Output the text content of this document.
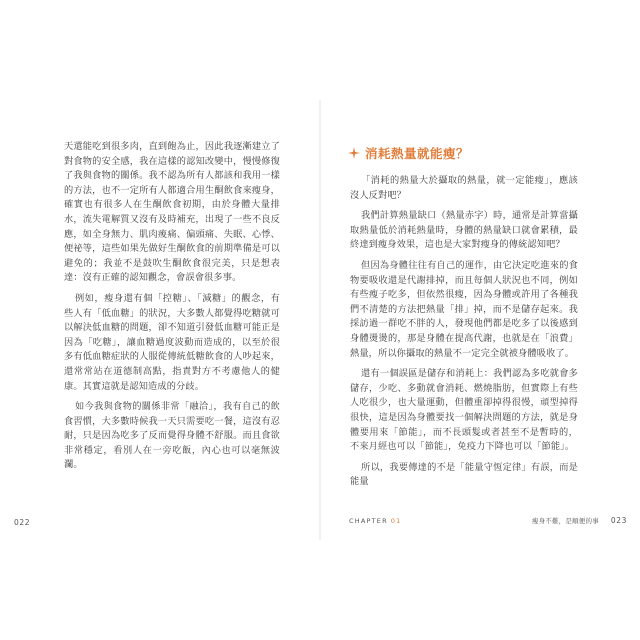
天還能吃到很多肉，直到飽為止，因此我逐漸建立了對食物的安全感，我在這樣的認知改變中，慢慢修復了我與食物的關係。我不認為所有人都該和我用一樣的方法，也不一定所有人都適合用生酮飲食來瘦身，確實也有很多人在生酮飲食初期，由於身體大量排水，流失電解質又沒有及時補充，出現了一些不良反應，如全身無力、肌肉痠痛、偏頭痛、失眠、心悸、便祕等，這些如果先做好生酮飲食的前期準備是可以避免的；我並不是鼓吹生酮飲食很完美，只是想表達：沒有正確的認知觀念，會誤會很多事。

例如，瘦身還有個「控糖」、「減糖」的觀念，有些人有「低血糖」的狀況，大多數人都覺得吃糖就可以解決低血糖的問題，卻不知道引發低血糖可能正是因為「吃糖」，讓血糖過度波動而造成的，以至於很多有低血糖症狀的人服從傳統低糖飲食的人吵起來，還常常站在道德制高點，指責對方不考慮他人的健康。其實這就是認知造成的分歧。

如今我與食物的關係非常「融洽」，我有自己的飲食習慣，大多數時候我一天只需要吃一餐，這沒有忍耐，只是因為吃多了反而覺得身體不舒服。而且食欲非常穩定，看別人在一旁吃飯，內心也可以毫無波瀾。

消耗熱量就能瘦？

「消耗的熱量大於攝取的熱量，就一定能瘦」，應該沒人反對吧？

我們計算熱量缺口（熱量赤字）時，通常是計算當攝取熱量低於消耗熱量時，身體的熱量缺口就會累積，最終達到瘦身效果，這也是大家對瘦身的傳統認知吧？

但因為身體往往有自己的運作，由它決定吃進來的食物要吸收還是代謝排掉，而且每個人狀況也不同，例如有些瘦子吃多，但依然很瘦，因為身體或許用了各種我們不清楚的方法把熱量「排」掉，而不是儲存起來。我採訪過一群吃不胖的人，發現他們都是吃多了以後感到身體燙燙的，那是身體在提高代謝，也就是在「浪費」熱量，所以你攝取的熱量不一定完全就被身體吸收了。

還有一個誤區是儲存和消耗上：我們認為多吃就會多儲存，少吃、多動就會消耗、燃燒脂肪，但實際上有些人吃很少，也大量運動，但體重卻掉得很慢，頑型掉得很快，這是因為身體要找一個解決問題的方法，就是身體要用來「節能」，而不長頭髮或者甚至不是暫時的，不來月經也可以「節能」，免疫力下降也可以「節能」。

所以，我要傳達的不是「能量守恆定律」有誤，而是能量

022	CHAPTER 01	瘦身不難，是順便的事 023
